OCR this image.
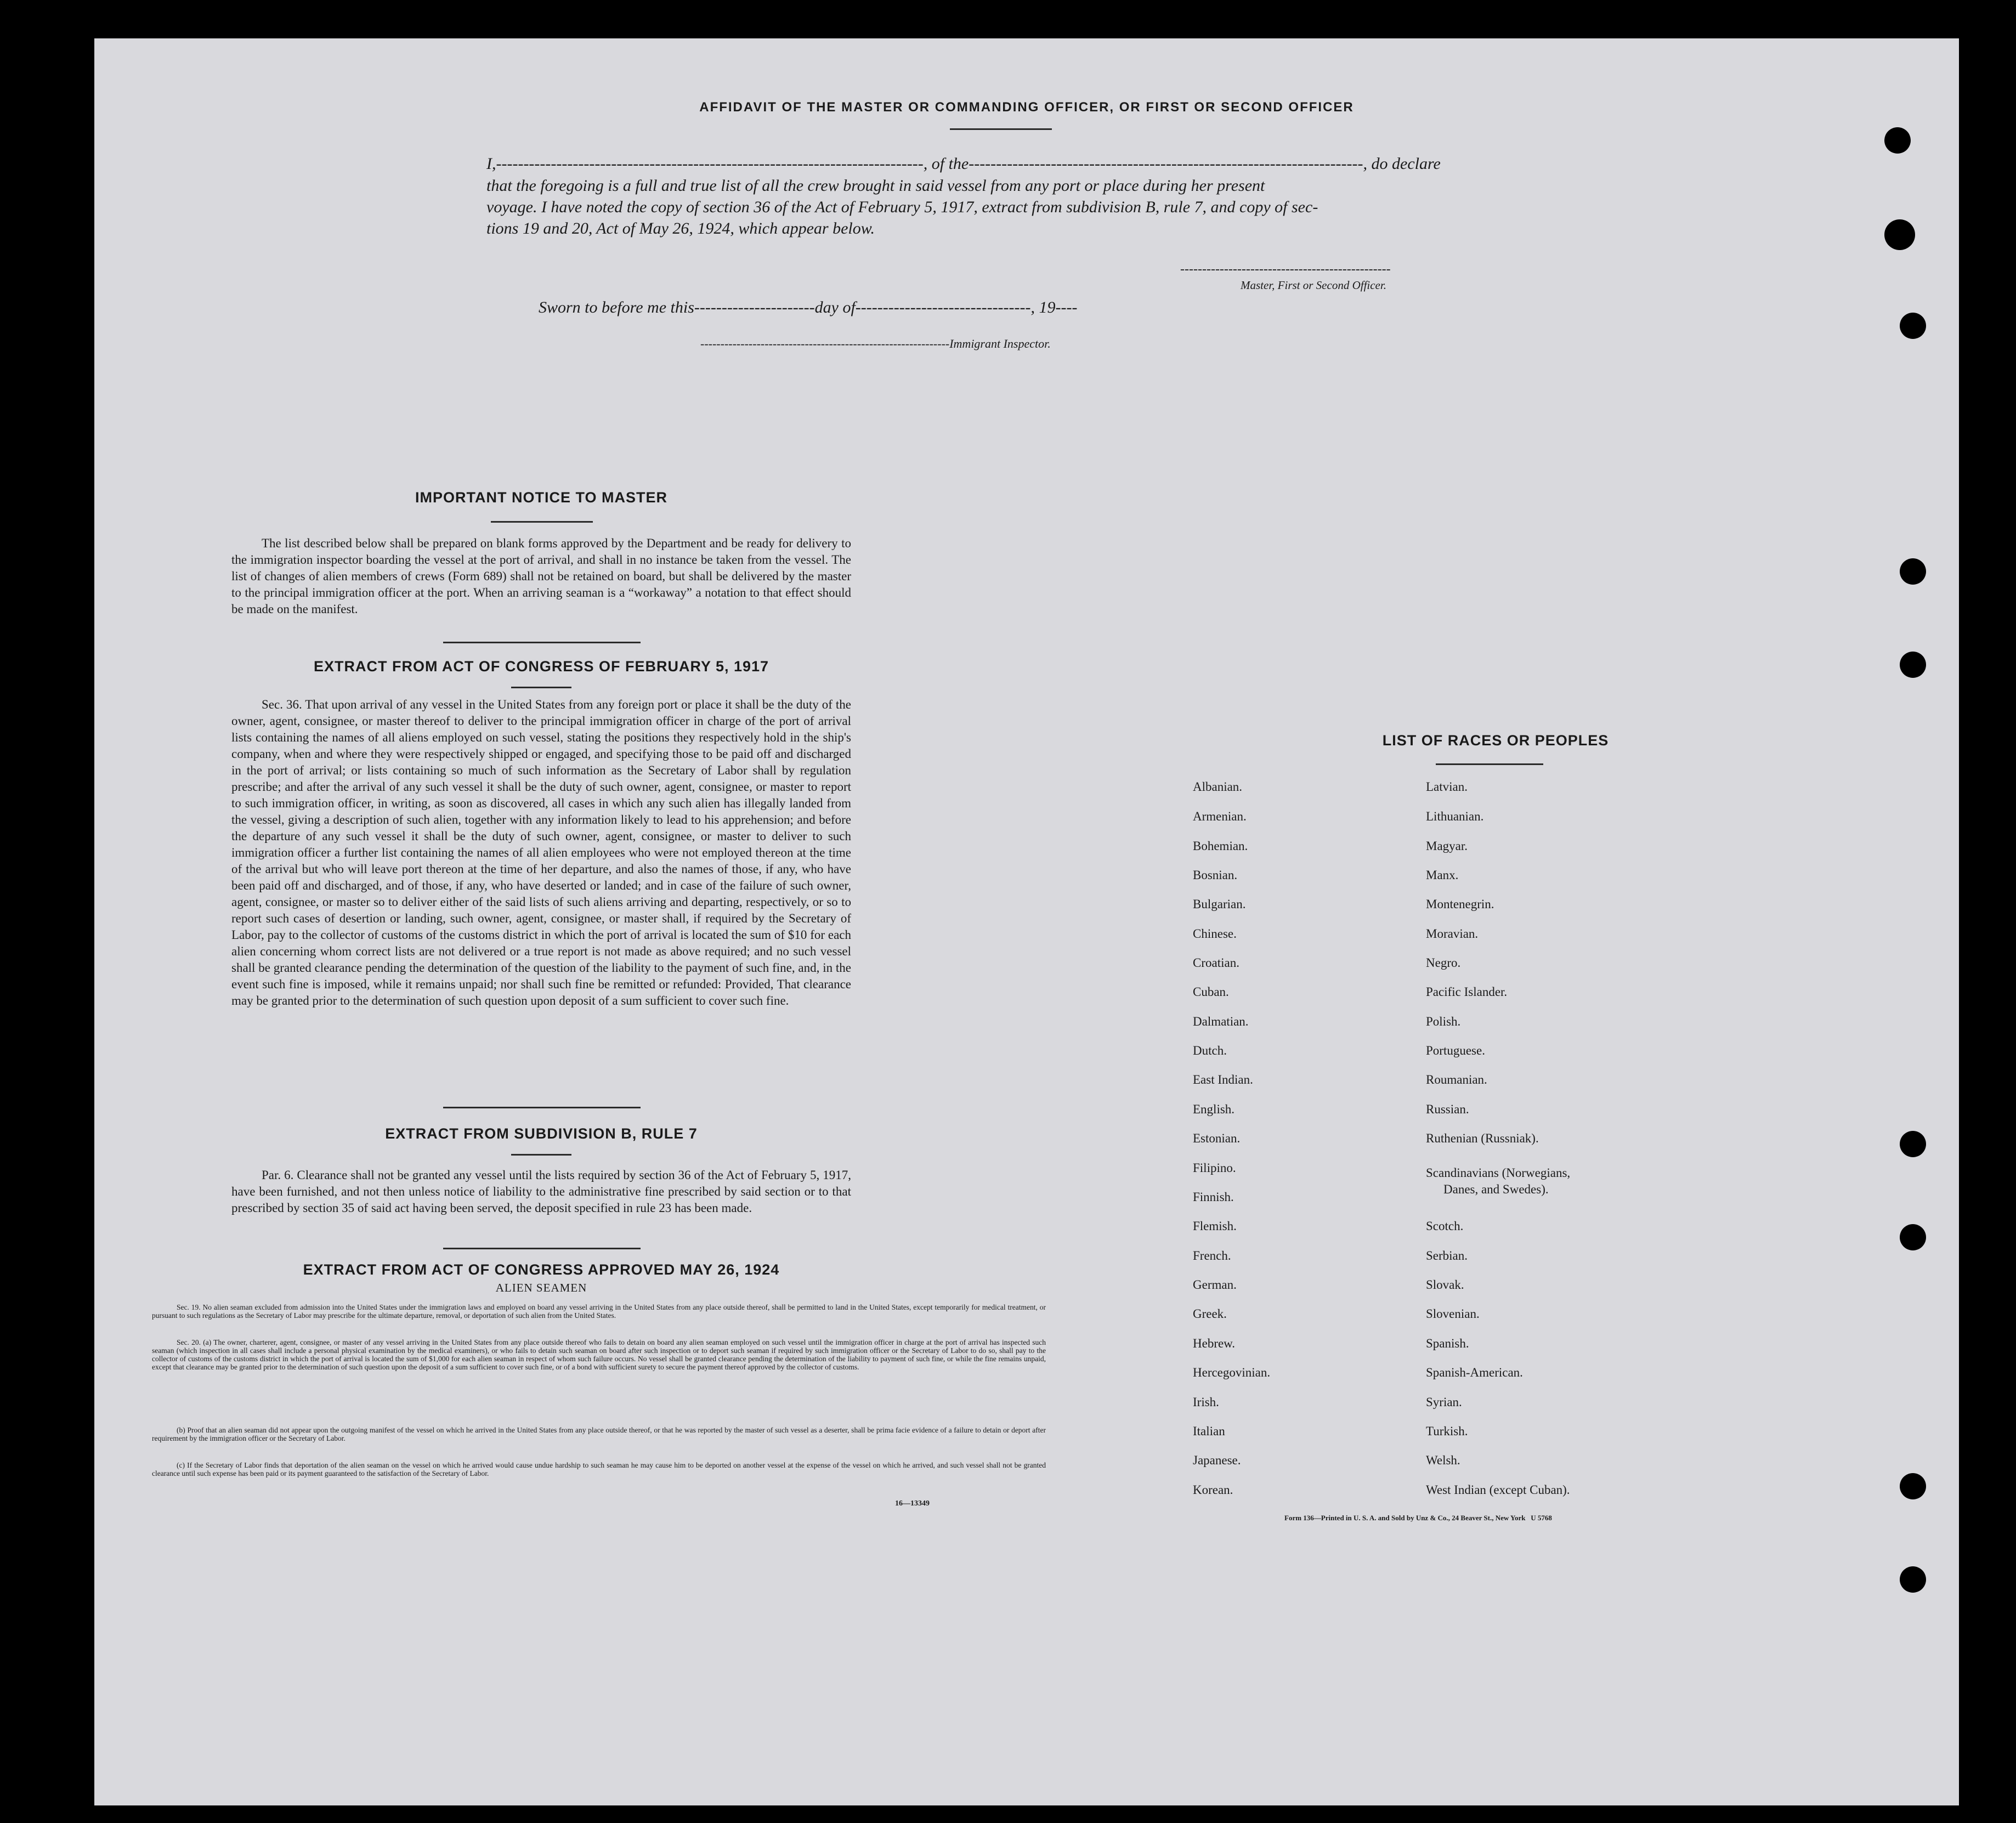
AFFIDAVIT OF THE MASTER OR COMMANDING OFFICER, OR FIRST OR SECOND OFFICER
I,------------------------------------------------------------------------------, of the------------------------------------------------------------------------, do declare
that the foregoing is a full and true list of all the crew brought in said vessel from any port or place during her present
voyage. I have noted the copy of section 36 of the Act of February 5, 1917, extract from subdivision B, rule 7, and copy of sec-
tions 19 and 20, Act of May 26, 1924, which appear below.
------------------------------------------------
Master, First or Second Officer.
Sworn to before me this----------------------day of--------------------------------, 19----
--------------------------------------------------------------Immigrant Inspector.
IMPORTANT NOTICE TO MASTER
The list described below shall be prepared on blank forms approved by the Department and be ready for delivery to the immigration inspector boarding the vessel at the port of arrival, and shall in no instance be taken from the vessel. The list of changes of alien members of crews (Form 689) shall not be retained on board, but shall be delivered by the master to the principal immigration officer at the port. When an arriving seaman is a “workaway” a notation to that effect should be made on the manifest.
EXTRACT FROM ACT OF CONGRESS OF FEBRUARY 5, 1917
Sec. 36. That upon arrival of any vessel in the United States from any foreign port or place it shall be the duty of the owner, agent, consignee, or master thereof to deliver to the principal immigration officer in charge of the port of arrival lists containing the names of all aliens employed on such vessel, stating the positions they respectively hold in the ship's company, when and where they were respectively shipped or engaged, and specifying those to be paid off and discharged in the port of arrival; or lists containing so much of such information as the Secretary of Labor shall by regulation prescribe; and after the arrival of any such vessel it shall be the duty of such owner, agent, consignee, or master to report to such immigration officer, in writing, as soon as discovered, all cases in which any such alien has illegally landed from the vessel, giving a description of such alien, together with any information likely to lead to his apprehension; and before the departure of any such vessel it shall be the duty of such owner, agent, consignee, or master to deliver to such immigration officer a further list containing the names of all alien employees who were not employed thereon at the time of the arrival but who will leave port thereon at the time of her departure, and also the names of those, if any, who have been paid off and discharged, and of those, if any, who have deserted or landed; and in case of the failure of such owner, agent, consignee, or master so to deliver either of the said lists of such aliens arriving and departing, respectively, or so to report such cases of desertion or landing, such owner, agent, consignee, or master shall, if required by the Secretary of Labor, pay to the collector of customs of the customs district in which the port of arrival is located the sum of $10 for each alien concerning whom correct lists are not delivered or a true report is not made as above required; and no such vessel shall be granted clearance pending the determination of the question of the liability to the payment of such fine, and, in the event such fine is imposed, while it remains unpaid; nor shall such fine be remitted or refunded: Provided, That clearance may be granted prior to the determination of such question upon deposit of a sum sufficient to cover such fine.
EXTRACT FROM SUBDIVISION B, RULE 7
Par. 6. Clearance shall not be granted any vessel until the lists required by section 36 of the Act of February 5, 1917, have been furnished, and not then unless notice of liability to the administrative fine prescribed by said section or to that prescribed by section 35 of said act having been served, the deposit specified in rule 23 has been made.
EXTRACT FROM ACT OF CONGRESS APPROVED MAY 26, 1924
ALIEN SEAMEN
Sec. 19. No alien seaman excluded from admission into the United States under the immigration laws and employed on board any vessel arriving in the United States from any place outside thereof, shall be permitted to land in the United States, except temporarily for medical treatment, or pursuant to such regulations as the Secretary of Labor may prescribe for the ultimate departure, removal, or deportation of such alien from the United States.
Sec. 20. (a) The owner, charterer, agent, consignee, or master of any vessel arriving in the United States from any place outside thereof who fails to detain on board any alien seaman employed on such vessel until the immigration officer in charge at the port of arrival has inspected such seaman (which inspection in all cases shall include a personal physical examination by the medical examiners), or who fails to detain such seaman on board after such inspection or to deport such seaman if required by such immigration officer or the Secretary of Labor to do so, shall pay to the collector of customs of the customs district in which the port of arrival is located the sum of $1,000 for each alien seaman in respect of whom such failure occurs. No vessel shall be granted clearance pending the determination of the liability to payment of such fine, or while the fine remains unpaid, except that clearance may be granted prior to the determination of such question upon the deposit of a sum sufficient to cover such fine, or of a bond with sufficient surety to secure the payment thereof approved by the collector of customs.
(b) Proof that an alien seaman did not appear upon the outgoing manifest of the vessel on which he arrived in the United States from any place outside thereof, or that he was reported by the master of such vessel as a deserter, shall be prima facie evidence of a failure to detain or deport after requirement by the immigration officer or the Secretary of Labor.
(c) If the Secretary of Labor finds that deportation of the alien seaman on the vessel on which he arrived would cause undue hardship to such seaman he may cause him to be deported on another vessel at the expense of the vessel on which he arrived, and such vessel shall not be granted clearance until such expense has been paid or its payment guaranteed to the satisfaction of the Secretary of Labor.
16—13349
LIST OF RACES OR PEOPLES
Albanian.
Armenian.
Bohemian.
Bosnian.
Bulgarian.
Chinese.
Croatian.
Cuban.
Dalmatian.
Dutch.
East Indian.
English.
Estonian.
Filipino.
Finnish.
Flemish.
French.
German.
Greek.
Hebrew.
Hercegovinian.
Irish.
Italian
Japanese.
Korean.
Latvian.
Lithuanian.
Magyar.
Manx.
Montenegrin.
Moravian.
Negro.
Pacific Islander.
Polish.
Portuguese.
Roumanian.
Russian.
Ruthenian (Russniak).
Scandinavians (Norwegians,
Danes, and Swedes).
Scotch.
Serbian.
Slovak.
Slovenian.
Spanish.
Spanish-American.
Syrian.
Turkish.
Welsh.
West Indian (except Cuban).
Form 136—Printed in U. S. A. and Sold by Unz & Co., 24 Beaver St., New York   U 5768
